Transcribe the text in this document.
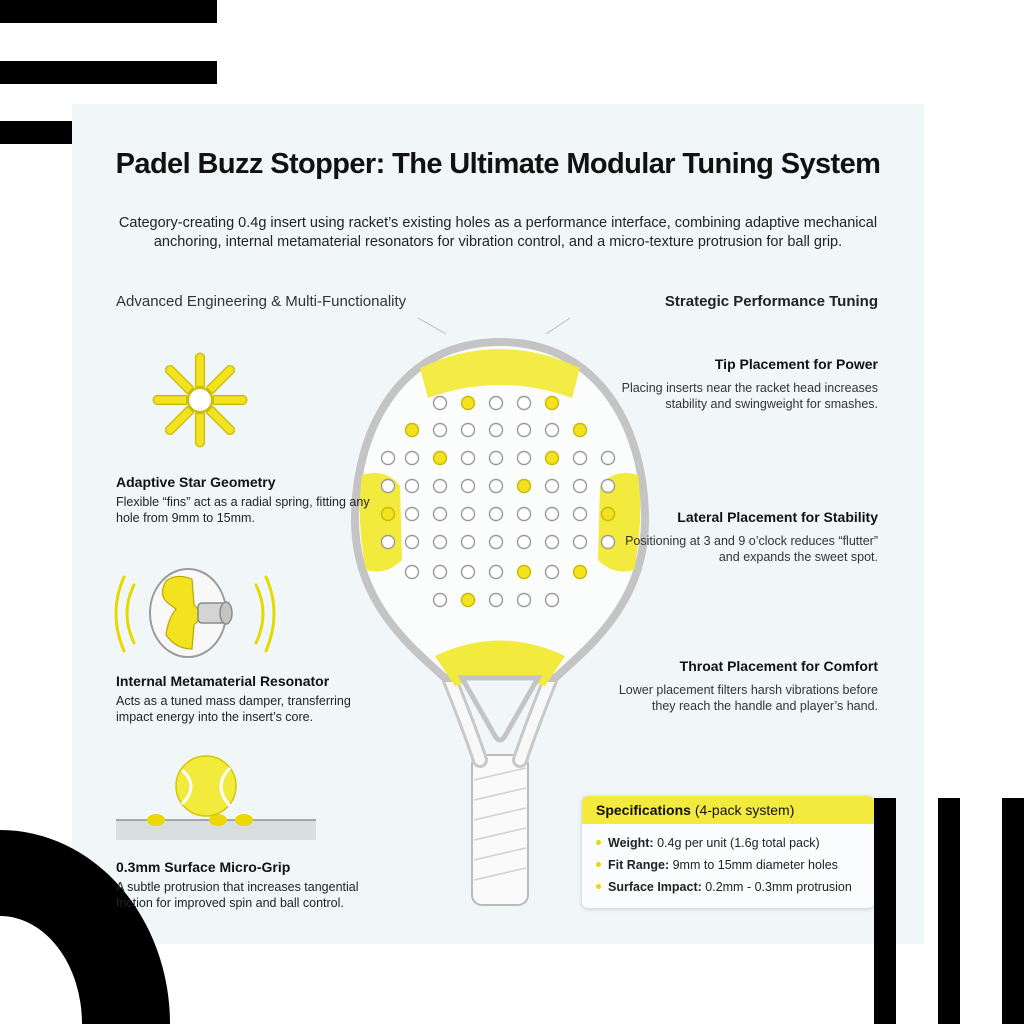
Padel Buzz Stopper: The Ultimate Modular Tuning System

Category-creating 0.4g insert using racket’s existing holes as a performance interface, combining adaptive mechanical anchoring, internal metamaterial resonators for vibration control, and a micro-texture protrusion for ball grip.

Advanced Engineering & Multi-Functionality	Strategic Performance Tuning
Adaptive Star Geometry

Flexible “fins” act as a radial spring, fitting any hole from 9mm to 15mm.

Internal Metamaterial Resonator

Acts as a tuned mass damper, transferring impact energy into the insert’s core.

0.3mm Surface Micro-Grip

A subtle protrusion that increases tangential friction for improved spin and ball control.

Tip Placement for Power

Placing inserts near the racket head increases stability and swingweight for smashes.

Lateral Placement for Stability

Positioning at 3 and 9 o’clock reduces “flutter” and expands the sweet spot.

Throat Placement for Comfort

Lower placement filters harsh vibrations before they reach the handle and player’s hand.

Specifications (4-pack system)
Weight: 0.4g per unit (1.6g total pack)
Fit Range: 9mm to 15mm diameter holes
Surface Impact: 0.2mm - 0.3mm protrusion
